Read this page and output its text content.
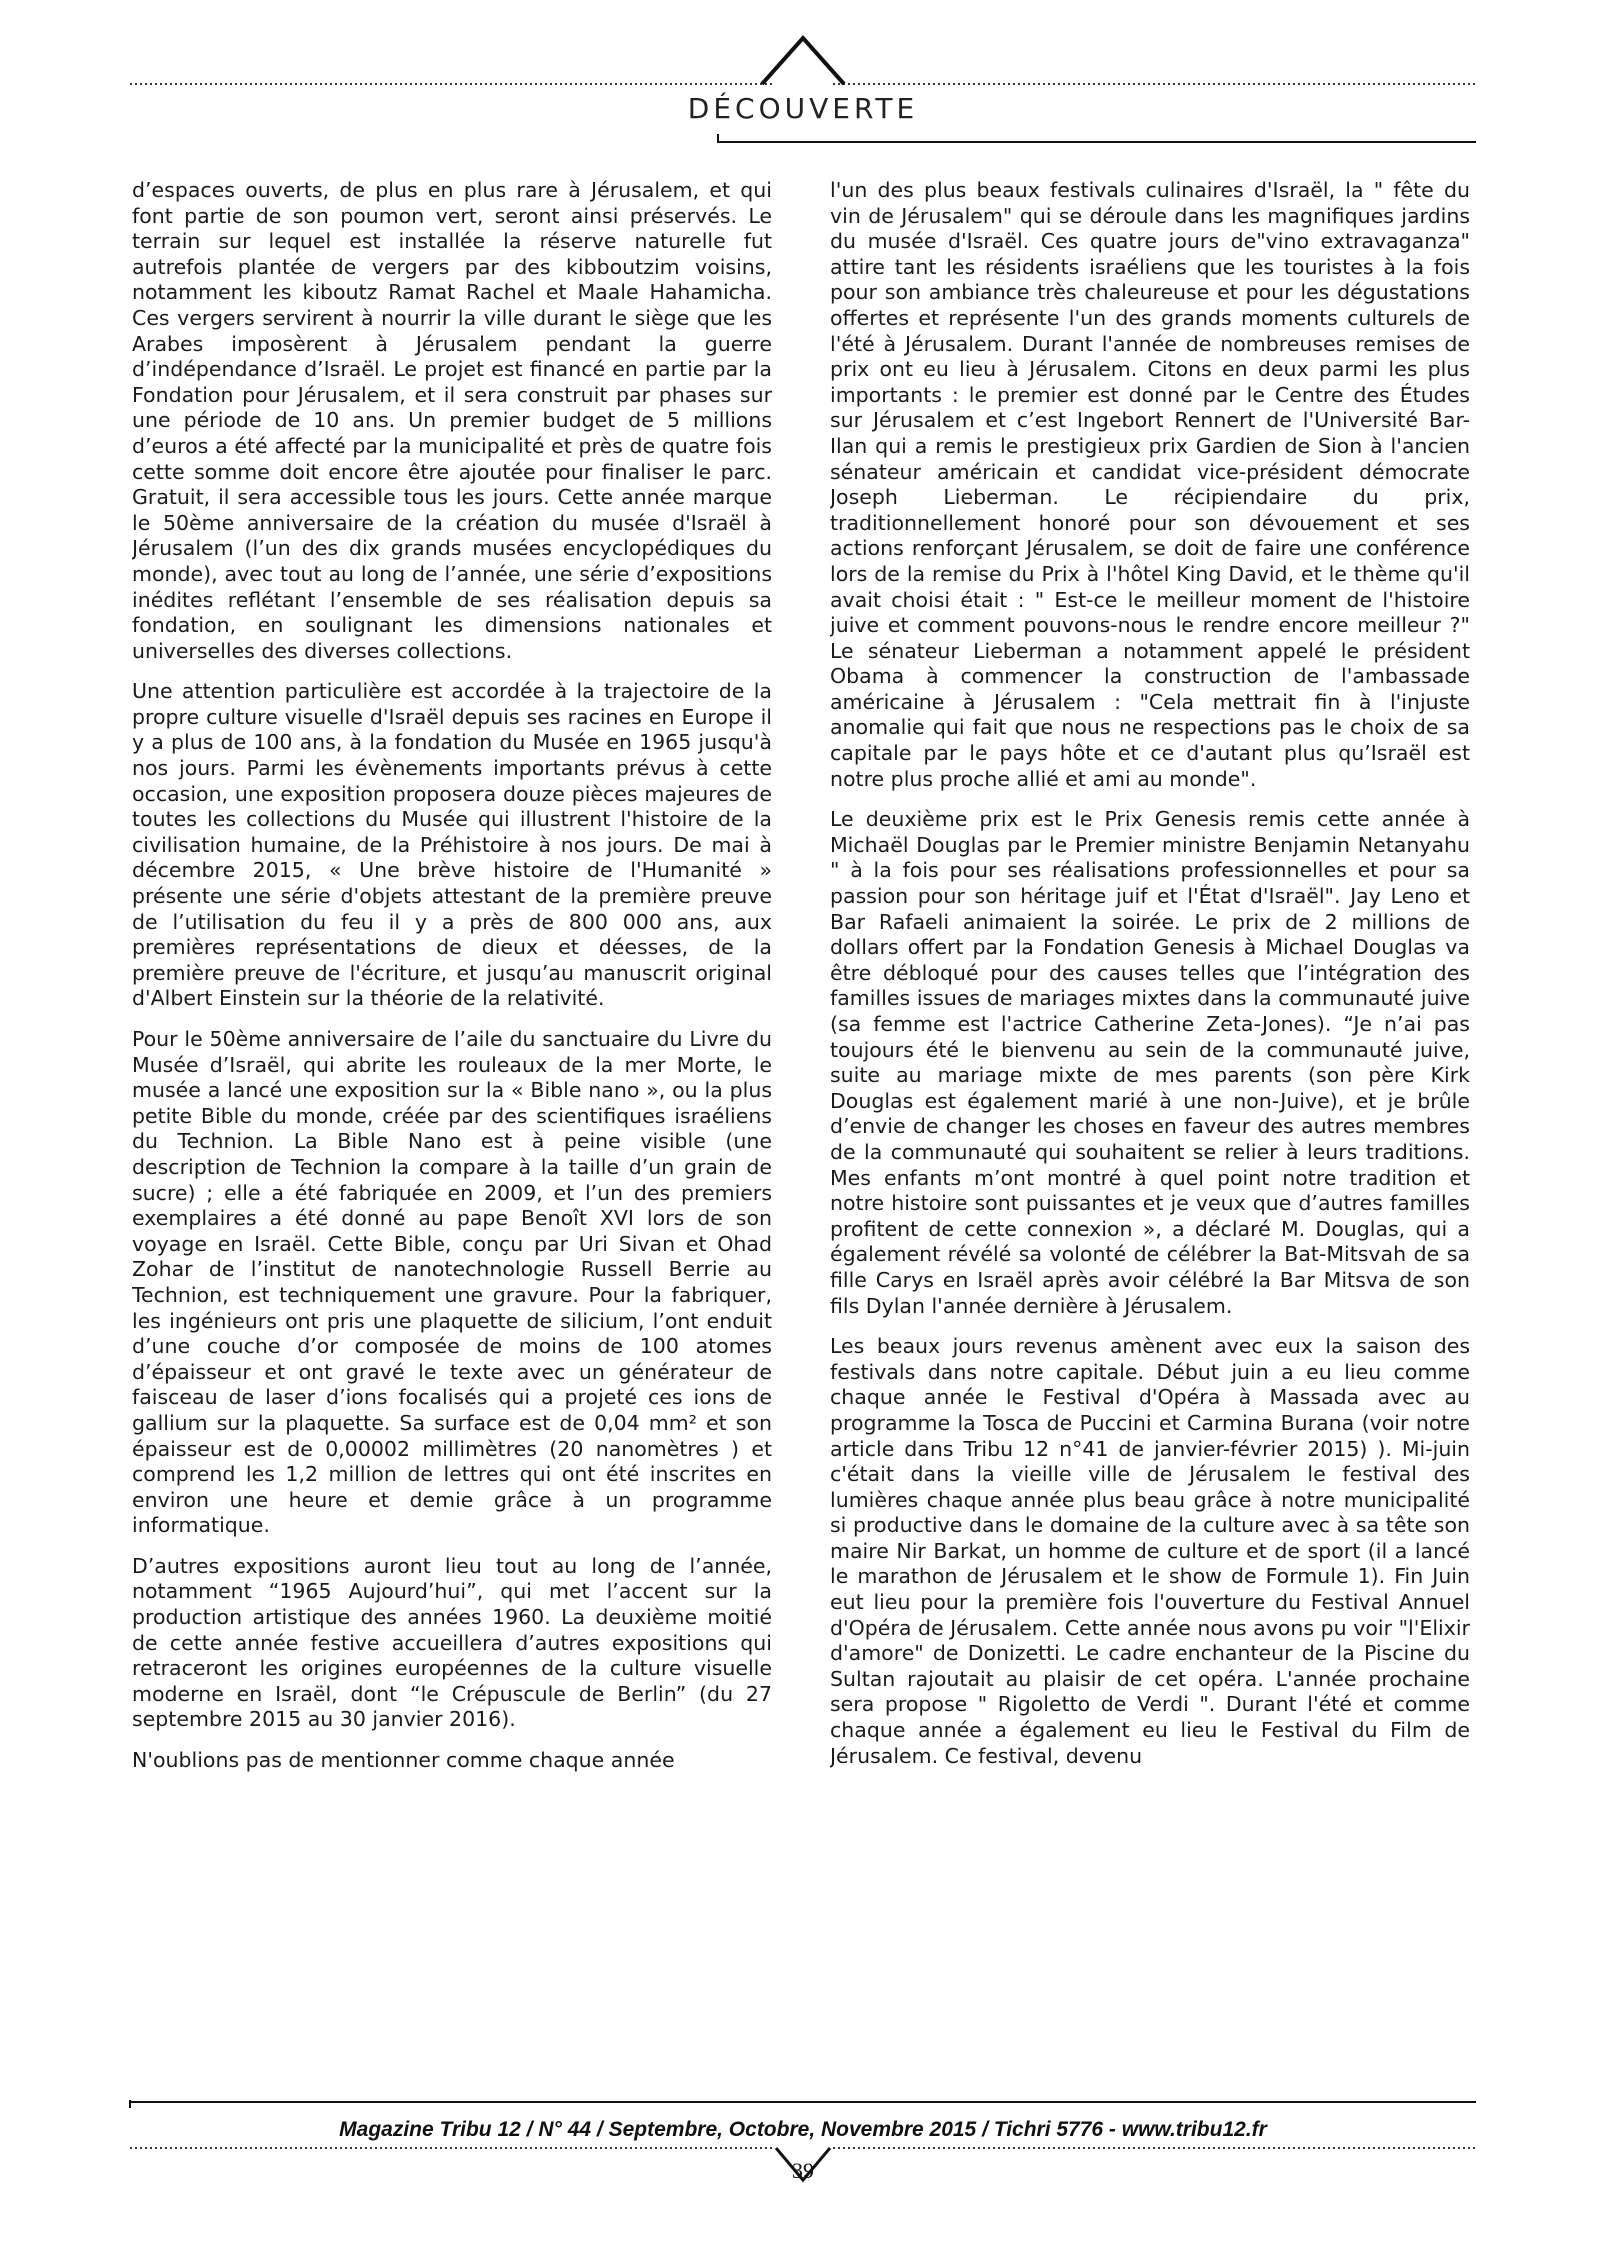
DÉCOUVERTE

d’espaces ouverts, de plus en plus rare à Jérusalem, et qui font partie de son poumon vert, seront ainsi préservés. Le terrain sur lequel est installée la réserve naturelle fut autrefois plantée de vergers par des kibboutzim voisins, notamment les kiboutz Ramat Rachel et Maale Hahamicha. Ces vergers servirent à nourrir la ville durant le siège que les Arabes imposèrent à Jérusalem pendant la guerre d’indépendance d’Israël. Le projet est financé en partie par la Fondation pour Jérusalem, et il sera construit par phases sur une période de 10 ans. Un premier budget de 5 millions d’euros a été affecté par la municipalité et près de quatre fois cette somme doit encore être ajoutée pour finaliser le parc. Gratuit, il sera accessible tous les jours. Cette année marque le 50ème anniversaire de la création du musée d'Israël à Jérusalem (l’un des dix grands musées encyclopédiques du monde), avec tout au long de l’année, une série d’expositions inédites reflétant l’ensemble de ses réalisation depuis sa fondation, en soulignant les dimensions nationales et universelles des diverses collections.

Une attention particulière est accordée à la trajectoire de la propre culture visuelle d'Israël depuis ses racines en Europe il y a plus de 100 ans, à la fondation du Musée en 1965 jusqu'à nos jours. Parmi les évènements importants prévus à cette occasion, une exposition proposera douze pièces majeures de toutes les collections du Musée qui illustrent l'histoire de la civilisation humaine, de la Préhistoire à nos jours. De mai à décembre 2015, « Une brève histoire de l'Humanité » présente une série d'objets attestant de la première preuve de l’utilisation du feu il y a près de 800 000 ans, aux premières représentations de dieux et déesses, de la première preuve de l'écriture, et jusqu’au manuscrit original d'Albert Einstein sur la théorie de la relativité.

Pour le 50ème anniversaire de l’aile du sanctuaire du Livre du Musée d’Israël, qui abrite les rouleaux de la mer Morte, le musée a lancé une exposition sur la « Bible nano », ou la plus petite Bible du monde, créée par des scientifiques israéliens du Technion. La Bible Nano est à peine visible (une description de Technion la compare à la taille d’un grain de sucre) ; elle a été fabriquée en 2009, et l’un des premiers exemplaires a été donné au pape Benoît XVI lors de son voyage en Israël. Cette Bible, conçu par Uri Sivan et Ohad Zohar de l’institut de nanotechnologie Russell Berrie au Technion, est techniquement une gravure. Pour la fabriquer, les ingénieurs ont pris une plaquette de silicium, l’ont enduit d’une couche d’or composée de moins de 100 atomes d’épaisseur et ont gravé le texte avec un générateur de faisceau de laser d’ions focalisés qui a projeté ces ions de gallium sur la plaquette. Sa surface est de 0,04 mm² et son épaisseur est de 0,00002 millimètres (20 nanomètres ) et comprend les 1,2 million de lettres qui ont été inscrites en environ une heure et demie grâce à un programme informatique.

D’autres expositions auront lieu tout au long de l’année, notamment “1965 Aujourd’hui”, qui met l’accent sur la production artistique des années 1960. La deuxième moitié de cette année festive accueillera d’autres expositions qui retraceront les origines européennes de la culture visuelle moderne en Israël, dont “le Crépuscule de Berlin” (du 27 septembre 2015 au 30 janvier 2016).

N'oublions pas de mentionner comme chaque année

l'un des plus beaux festivals culinaires d'Israël, la " fête du vin de Jérusalem" qui se déroule dans les magnifiques jardins du musée d'Israël. Ces quatre jours de"vino extravaganza" attire tant les résidents israéliens que les touristes à la fois pour son ambiance très chaleureuse et pour les dégustations offertes et représente l'un des grands moments culturels de l'été à Jérusalem. Durant l'année de nombreuses remises de prix ont eu lieu à Jérusalem. Citons en deux parmi les plus importants : le premier est donné par le Centre des Études sur Jérusalem et c’est Ingebort Rennert de l'Université Bar-Ilan qui a remis le prestigieux prix Gardien de Sion à l'ancien sénateur américain et candidat vice-président démocrate Joseph Lieberman. Le récipiendaire du prix, traditionnellement honoré pour son dévouement et ses actions renforçant Jérusalem, se doit de faire une conférence lors de la remise du Prix à l'hôtel King David, et le thème qu'il avait choisi était : " Est-ce le meilleur moment de l'histoire juive et comment pouvons-nous le rendre encore meilleur ?" Le sénateur Lieberman a notamment appelé le président Obama à commencer la construction de l'ambassade américaine à Jérusalem : "Cela mettrait fin à l'injuste anomalie qui fait que nous ne respections pas le choix de sa capitale par le pays hôte et ce d'autant plus qu’Israël est notre plus proche allié et ami au monde".

Le deuxième prix est le Prix Genesis remis cette année à Michaël Douglas par le Premier ministre Benjamin Netanyahu " à la fois pour ses réalisations professionnelles et pour sa passion pour son héritage juif et l'État d'Israël". Jay Leno et Bar Rafaeli animaient la soirée. Le prix de 2 millions de dollars offert par la Fondation Genesis à Michael Douglas va être débloqué pour des causes telles que l’intégration des familles issues de mariages mixtes dans la communauté juive (sa femme est l'actrice Catherine Zeta-Jones). “Je n’ai pas toujours été le bienvenu au sein de la communauté juive, suite au mariage mixte de mes parents (son père Kirk Douglas est également marié à une non-Juive), et je brûle d’envie de changer les choses en faveur des autres membres de la communauté qui souhaitent se relier à leurs traditions. Mes enfants m’ont montré à quel point notre tradition et notre histoire sont puissantes et je veux que d’autres familles profitent de cette connexion », a déclaré M. Douglas, qui a également révélé sa volonté de célébrer la Bat-Mitsvah de sa fille Carys en Israël après avoir célébré la Bar Mitsva de son fils Dylan l'année dernière à Jérusalem.

Les beaux jours revenus amènent avec eux la saison des festivals dans notre capitale. Début juin a eu lieu comme chaque année le Festival d'Opéra à Massada avec au programme la Tosca de Puccini et Carmina Burana (voir notre article dans Tribu 12 n°41 de janvier-février 2015) ). Mi-juin c'était dans la vieille ville de Jérusalem le festival des lumières chaque année plus beau grâce à notre municipalité si productive dans le domaine de la culture avec à sa tête son maire Nir Barkat, un homme de culture et de sport (il a lancé le marathon de Jérusalem et le show de Formule 1). Fin Juin eut lieu pour la première fois l'ouverture du Festival Annuel d'Opéra de Jérusalem. Cette année nous avons pu voir "l'Elixir d'amore" de Donizetti. Le cadre enchanteur de la Piscine du Sultan rajoutait au plaisir de cet opéra. L'année prochaine sera propose " Rigoletto de Verdi ". Durant l'été et comme chaque année a également eu lieu le Festival du Film de Jérusalem. Ce festival, devenu

Magazine Tribu 12 / N° 44 / Septembre, Octobre, Novembre 2015 / Tichri 5776 - www.tribu12.fr
39
